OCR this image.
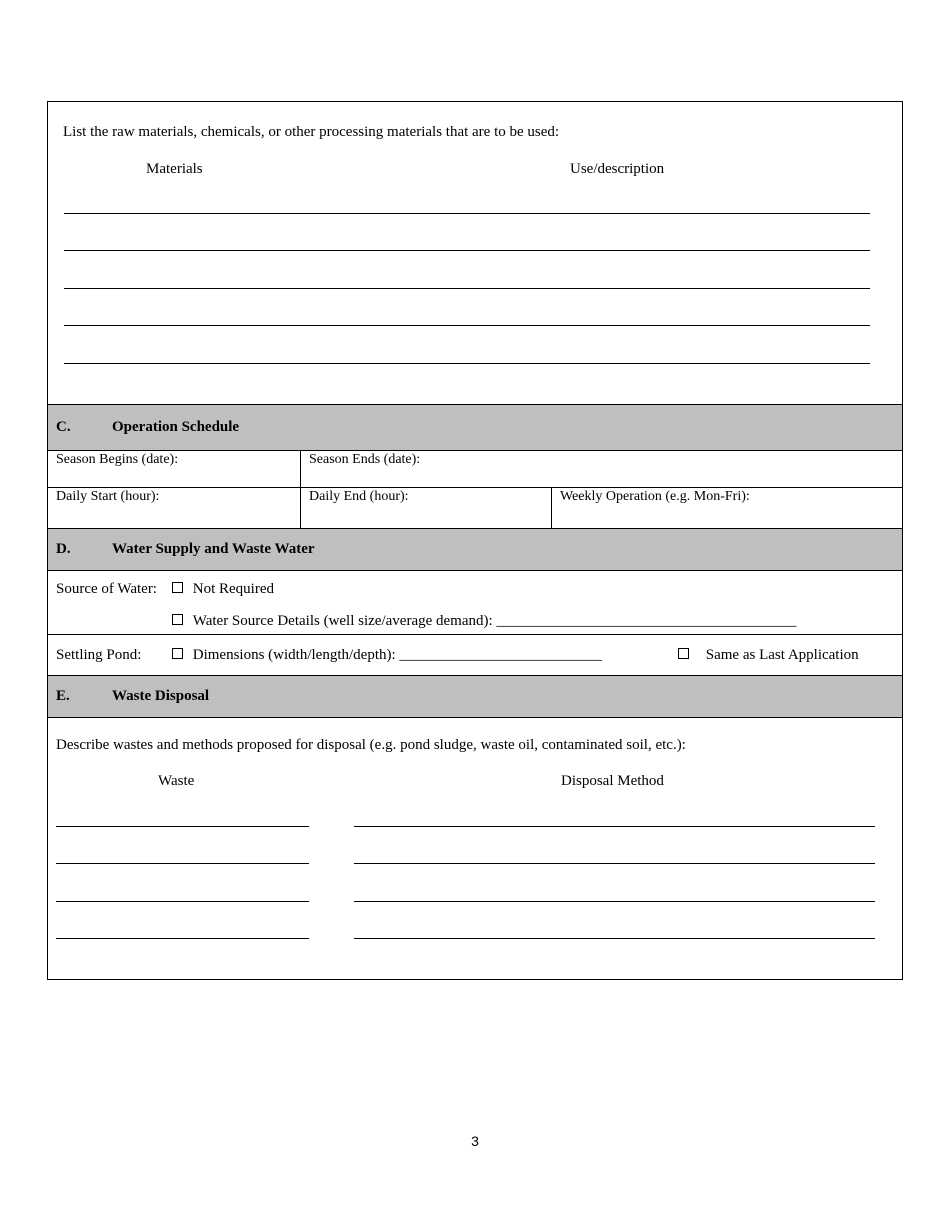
List the raw materials, chemicals, or other processing materials that are to be used:
Materials	Use/description
C.	Operation Schedule
Season Begins (date):	Season Ends (date):
Daily Start (hour):	Daily End (hour):	Weekly Operation (e.g. Mon-Fri):
D.	Water Supply and Waste Water
Source of Water:	Not Required
Water Source Details (well size/average demand): ________________________________________
Settling Pond:	Dimensions (width/length/depth): ___________________________	Same as Last Application
E.	Waste Disposal
Describe wastes and methods proposed for disposal (e.g. pond sludge, waste oil, contaminated soil, etc.):
Waste	Disposal Method
3
